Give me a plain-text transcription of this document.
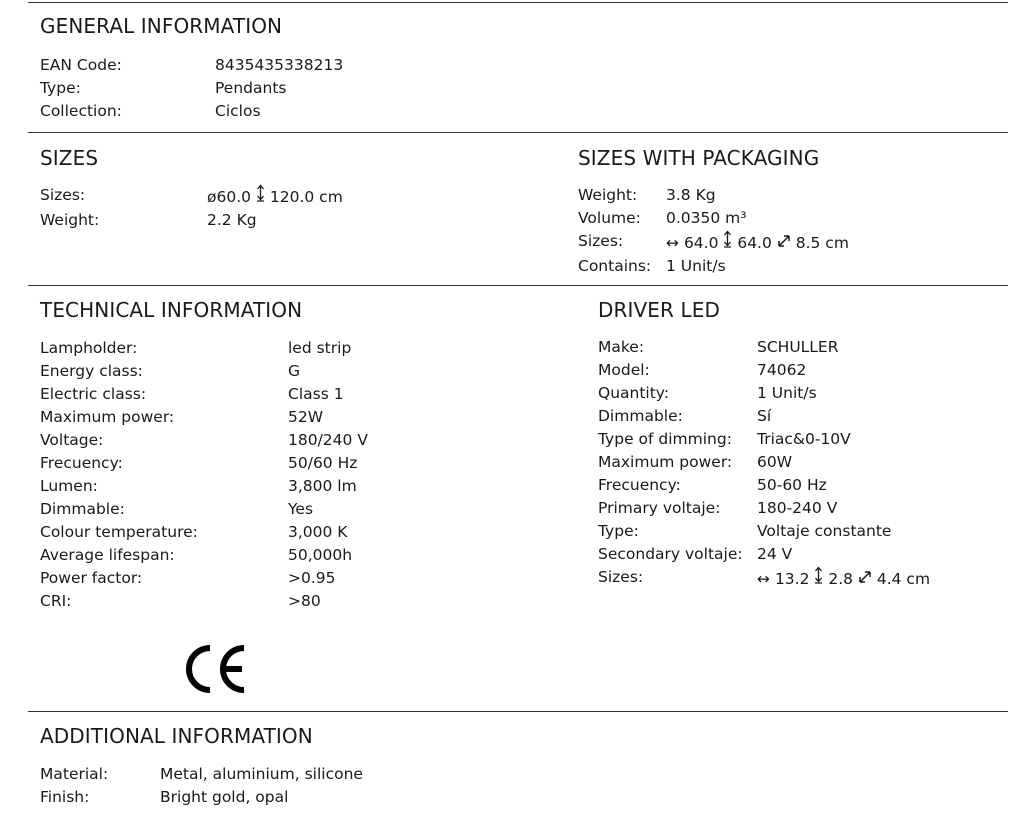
GENERAL INFORMATION
EAN Code:	8435435338213
Type:	Pendants
Collection:	Ciclos
SIZES
Sizes:	ø60.0 120.0 cm
Weight:	2.2 Kg
SIZES WITH PACKAGING
Weight:	3.8 Kg
Volume:	0.0350 m³
Sizes:	↔ 64.0 64.0 8.5 cm
Contains: 1 Unit/s
TECHNICAL INFORMATION
Lampholder:	led strip
Energy class:	G
Electric class:	Class 1
Maximum power:	52W
Voltage:	180/240 V
Frecuency:	50/60 Hz
Lumen:	3,800 lm
Dimmable:	Yes
Colour temperature:	3,000 K
Average lifespan:	50,000h
Power factor:	>0.95
CRI:	>80
DRIVER LED
Make:	SCHULLER
Model:	74062
Quantity:	1 Unit/s
Dimmable:	Sí
Type of dimming:	Triac&0-10V
Maximum power:	60W
Frecuency:	50-60 Hz
Primary voltaje:	180-240 V
Type:	Voltaje constante
Secondary voltaje: 24 V
Sizes:	↔ 13.2 2.8 4.4 cm
ADDITIONAL INFORMATION
Material:	Metal, aluminium, silicone
Finish:	Bright gold, opal
